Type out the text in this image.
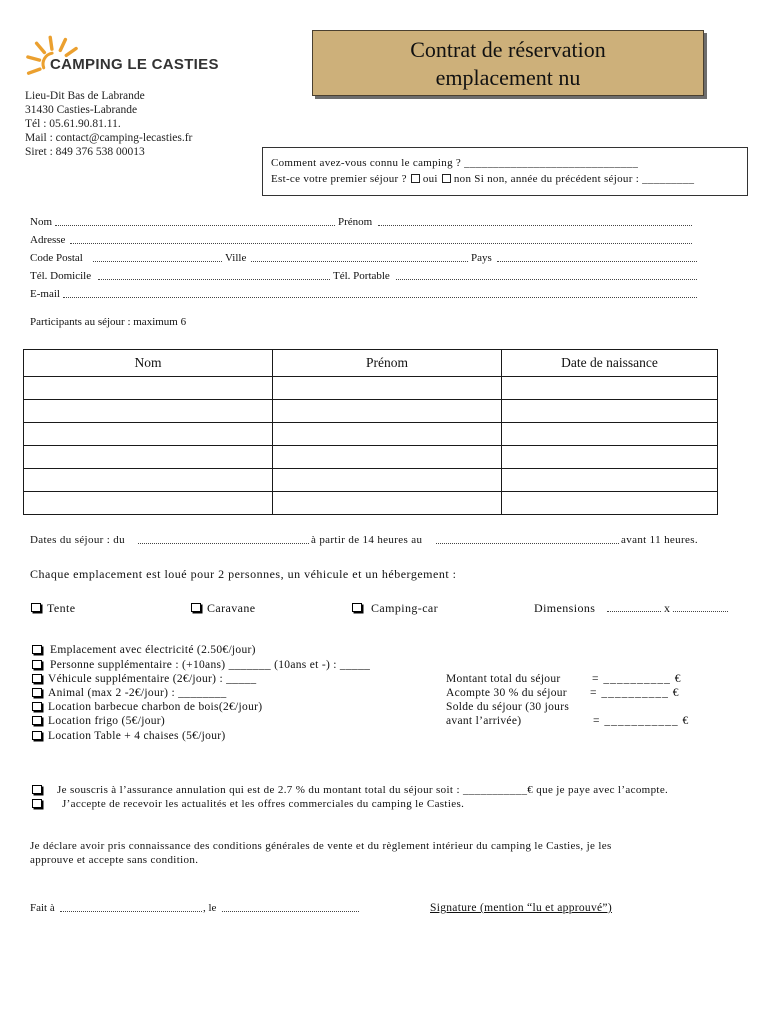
CAMPING LE CASTIES
Contrat de réservation
emplacement nu
Lieu-Dit Bas de Labrande
31430 Casties-Labrande
Tél : 05.61.90.81.11.
Mail : contact@camping-lecasties.fr
Siret : 849 376 538 00013
Comment avez-vous connu le camping ? ______________________________
Est-ce votre premier séjour ? oui non Si non, année du précédent séjour : _________
Nom	Prénom
Adresse
Code Postal	Ville	Pays
Tél. Domicile	Tél. Portable
E-mail
Participants au séjour : maximum 6
Nom	Prénom	Date de naissance

Dates du séjour : du	à partir de 14 heures au	avant 11 heures.
Chaque emplacement est loué pour 2 personnes, un véhicule et un hébergement :
Tente	Caravane	Camping-car	Dimensions	x
Emplacement avec électricité (2.50€/jour)
Personne supplémentaire : (+10ans) _______ (10ans et -) : _____
Véhicule supplémentaire (2€/jour) : _____
Animal (max 2 -2€/jour) : ________
Location barbecue charbon de bois(2€/jour)
Location frigo (5€/jour)
Location Table + 4 chaises (5€/jour)
Montant total du séjour	= __________ €
Acompte 30 % du séjour = __________ €
Solde du séjour (30 jours
avant l’arrivée)	= ___________ €
Je souscris à l’assurance annulation qui est de 2.7 % du montant total du séjour soit : ___________€ que je paye avec l’acompte.
J’accepte de recevoir les actualités et les offres commerciales du camping le Casties.
Je déclare avoir pris connaissance des conditions générales de vente et du règlement intérieur du camping le Casties, je les
approuve et accepte sans condition.
Fait à	, le	Signature (mention “lu et approuvé”)
